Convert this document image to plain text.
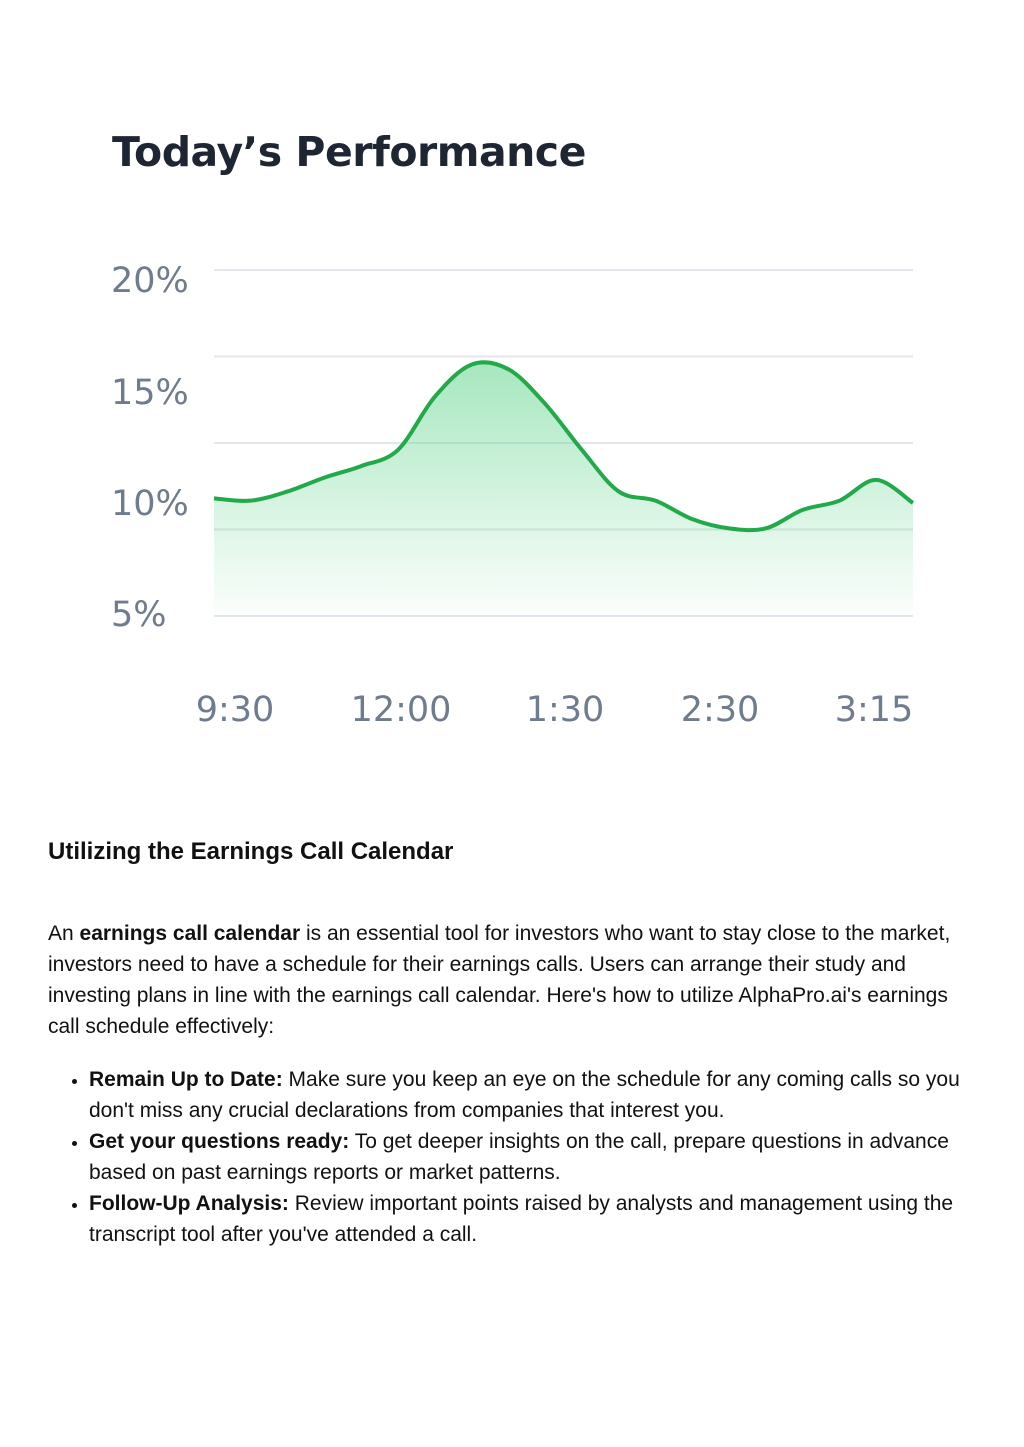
Today’s Performance
20%
15%
10%
5%
9:30 12:00 1:30 2:30 3:15
Utilizing the Earnings Call Calendar

An earnings call calendar is an essential tool for investors who want to stay close to the market, investors need to have a schedule for their earnings calls. Users can arrange their study and investing plans in line with the earnings call calendar. Here's how to utilize AlphaPro.ai's earnings call schedule effectively:

• Remain Up to Date: Make sure you keep an eye on the schedule for any coming calls so you don't miss any crucial declarations from companies that interest you.
• Get your questions ready: To get deeper insights on the call, prepare questions in advance based on past earnings reports or market patterns.
• Follow-Up Analysis: Review important points raised by analysts and management using the transcript tool after you've attended a call.
